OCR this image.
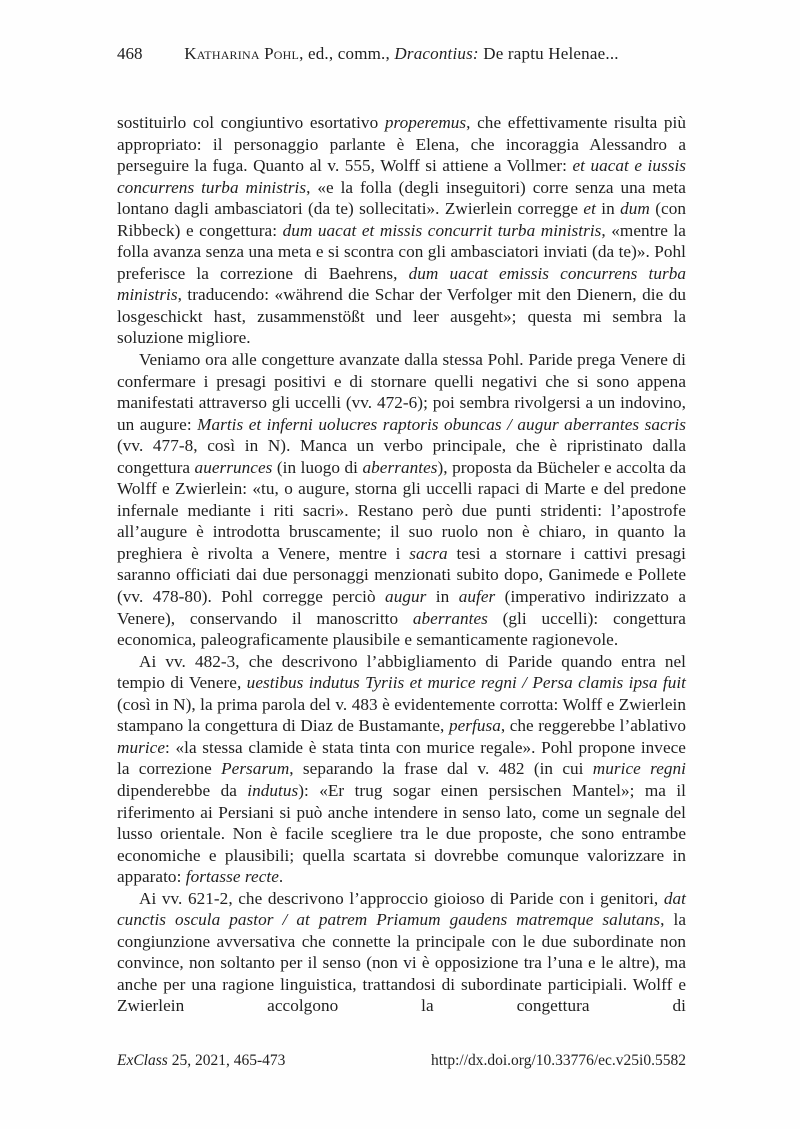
468	Katharina Pohl, ed., comm., Dracontius: De raptu Helenae...

sostituirlo col congiuntivo esortativo properemus, che effettivamente risulta più appropriato: il personaggio parlante è Elena, che incoraggia Alessandro a perseguire la fuga. Quanto al v. 555, Wolff si attiene a Vollmer: et uacat e iussis concurrens turba ministris, «e la folla (degli inseguitori) corre senza una meta lontano dagli ambasciatori (da te) sollecitati». Zwierlein corregge et in dum (con Ribbeck) e congettura: dum uacat et missis concurrit turba ministris, «mentre la folla avanza senza una meta e si scontra con gli ambasciatori inviati (da te)». Pohl preferisce la correzione di Baehrens, dum uacat emissis concurrens turba ministris, traducendo: «während die Schar der Verfolger mit den Dienern, die du losgeschickt hast, zusammenstößt und leer ausgeht»; questa mi sembra la soluzione migliore.

Veniamo ora alle congetture avanzate dalla stessa Pohl. Paride prega Venere di confermare i presagi positivi e di stornare quelli negativi che si sono appena manifestati attraverso gli uccelli (vv. 472-6); poi sembra rivolgersi a un indovino, un augure: Martis et inferni uolucres raptoris obuncas / augur aberrantes sacris (vv. 477-8, così in N). Manca un verbo principale, che è ripristinato dalla congettura auerrunces (in luogo di aberrantes), proposta da Bücheler e accolta da Wolff e Zwierlein: «tu, o augure, storna gli uccelli rapaci di Marte e del predone infernale mediante i riti sacri». Restano però due punti stridenti: l’apostrofe all’augure è introdotta bruscamente; il suo ruolo non è chiaro, in quanto la preghiera è rivolta a Venere, mentre i sacra tesi a stornare i cattivi presagi saranno officiati dai due personaggi menzionati subito dopo, Ganimede e Pollete (vv. 478-80). Pohl corregge perciò augur in aufer (imperativo indirizzato a Venere), conservando il manoscritto aberrantes (gli uccelli): congettura economica, paleograficamente plausibile e semanticamente ragionevole.

Ai vv. 482-3, che descrivono l’abbigliamento di Paride quando entra nel tempio di Venere, uestibus indutus Tyriis et murice regni / Persa clamis ipsa fuit (così in N), la prima parola del v. 483 è evidentemente corrotta: Wolff e Zwierlein stampano la congettura di Diaz de Bustamante, perfusa, che reggerebbe l’ablativo murice: «la stessa clamide è stata tinta con murice regale». Pohl propone invece la correzione Persarum, separando la frase dal v. 482 (in cui murice regni dipenderebbe da indutus): «Er trug sogar einen persischen Mantel»; ma il riferimento ai Persiani si può anche intendere in senso lato, come un segnale del lusso orientale. Non è facile scegliere tra le due proposte, che sono entrambe economiche e plausibili; quella scartata si dovrebbe comunque valorizzare in apparato: fortasse recte.

Ai vv. 621-2, che descrivono l’approccio gioioso di Paride con i genitori, dat cunctis oscula pastor / at patrem Priamum gaudens matremque salutans, la congiunzione avversativa che connette la principale con le due subordinate non convince, non soltanto per il senso (non vi è opposizione tra l’una e le altre), ma anche per una ragione linguistica, trattandosi di subordinate participiali. Wolff e Zwierlein accolgono la congettura di

ExClass 25, 2021, 465-473	http://dx.doi.org/10.33776/ec.v25i0.5582
